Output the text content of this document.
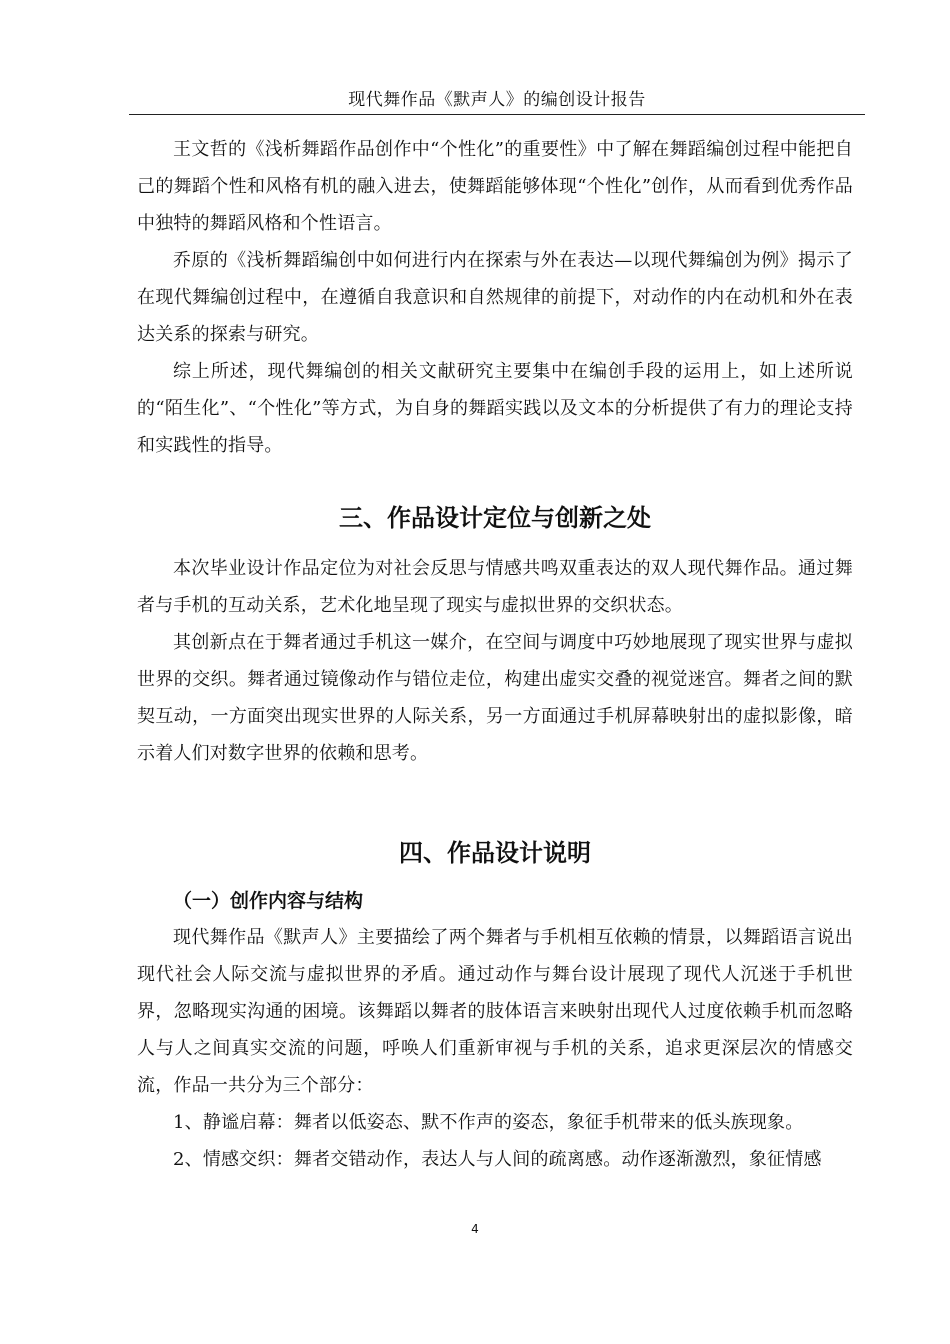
现代舞作品《默声人》的编创设计报告

王文哲的《浅析舞蹈作品创作中“个性化”的重要性》中了解在舞蹈编创过程中能把自己的舞蹈个性和风格有机的融入进去，使舞蹈能够体现“个性化”创作，从而看到优秀作品中独特的舞蹈风格和个性语言。

乔原的《浅析舞蹈编创中如何进行内在探索与外在表达—以现代舞编创为例》揭示了在现代舞编创过程中，在遵循自我意识和自然规律的前提下，对动作的内在动机和外在表达关系的探索与研究。

综上所述，现代舞编创的相关文献研究主要集中在编创手段的运用上，如上述所说的“陌生化”、“个性化”等方式，为自身的舞蹈实践以及文本的分析提供了有力的理论支持和实践性的指导。

三、作品设计定位与创新之处

本次毕业设计作品定位为对社会反思与情感共鸣双重表达的双人现代舞作品。通过舞者与手机的互动关系，艺术化地呈现了现实与虚拟世界的交织状态。

其创新点在于舞者通过手机这一媒介，在空间与调度中巧妙地展现了现实世界与虚拟世界的交织。舞者通过镜像动作与错位走位，构建出虚实交叠的视觉迷宫。舞者之间的默契互动，一方面突出现实世界的人际关系，另一方面通过手机屏幕映射出的虚拟影像，暗示着人们对数字世界的依赖和思考。

四、作品设计说明
（一）创作内容与结构

现代舞作品《默声人》主要描绘了两个舞者与手机相互依赖的情景，以舞蹈语言说出现代社会人际交流与虚拟世界的矛盾。通过动作与舞台设计展现了现代人沉迷于手机世界，忽略现实沟通的困境。该舞蹈以舞者的肢体语言来映射出现代人过度依赖手机而忽略人与人之间真实交流的问题，呼唤人们重新审视与手机的关系，追求更深层次的情感交流，作品一共分为三个部分：

1、静谧启幕：舞者以低姿态、默不作声的姿态，象征手机带来的低头族现象。

2、情感交织：舞者交错动作，表达人与人间的疏离感。动作逐渐激烈，象征情感

4
